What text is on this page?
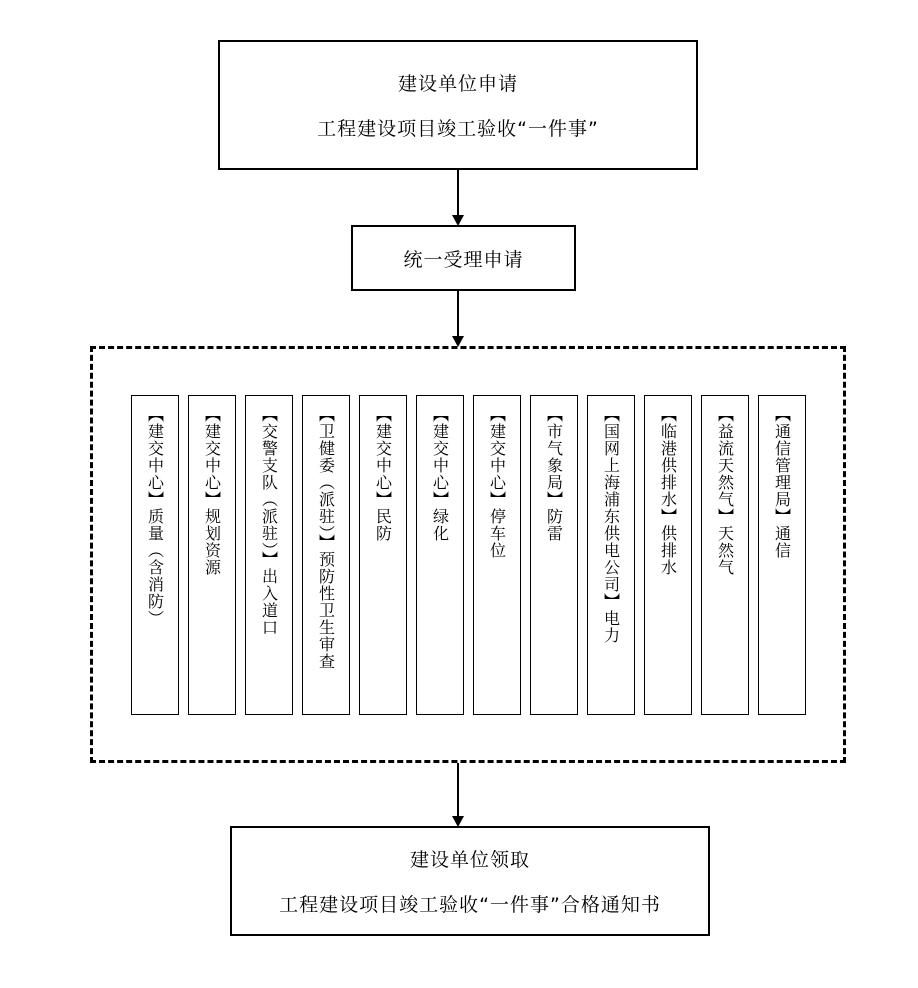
建设单位申请
工程建设项目竣工验收“一件事”
统一受理申请
【建交中心】质量（含消防）	【建交中心】规划资源	【交警支队（派驻）】出入道口	【卫健委（派驻）】预防性卫生审查	【建交中心】民防	【建交中心】绿化	【建交中心】停车位	【市气象局】防雷	【国网上海浦东供电公司】电力	【临港供排水】供排水	【益流天然气】天然气	【通信管理局】通信
建设单位领取
工程建设项目竣工验收“一件事”合格通知书
